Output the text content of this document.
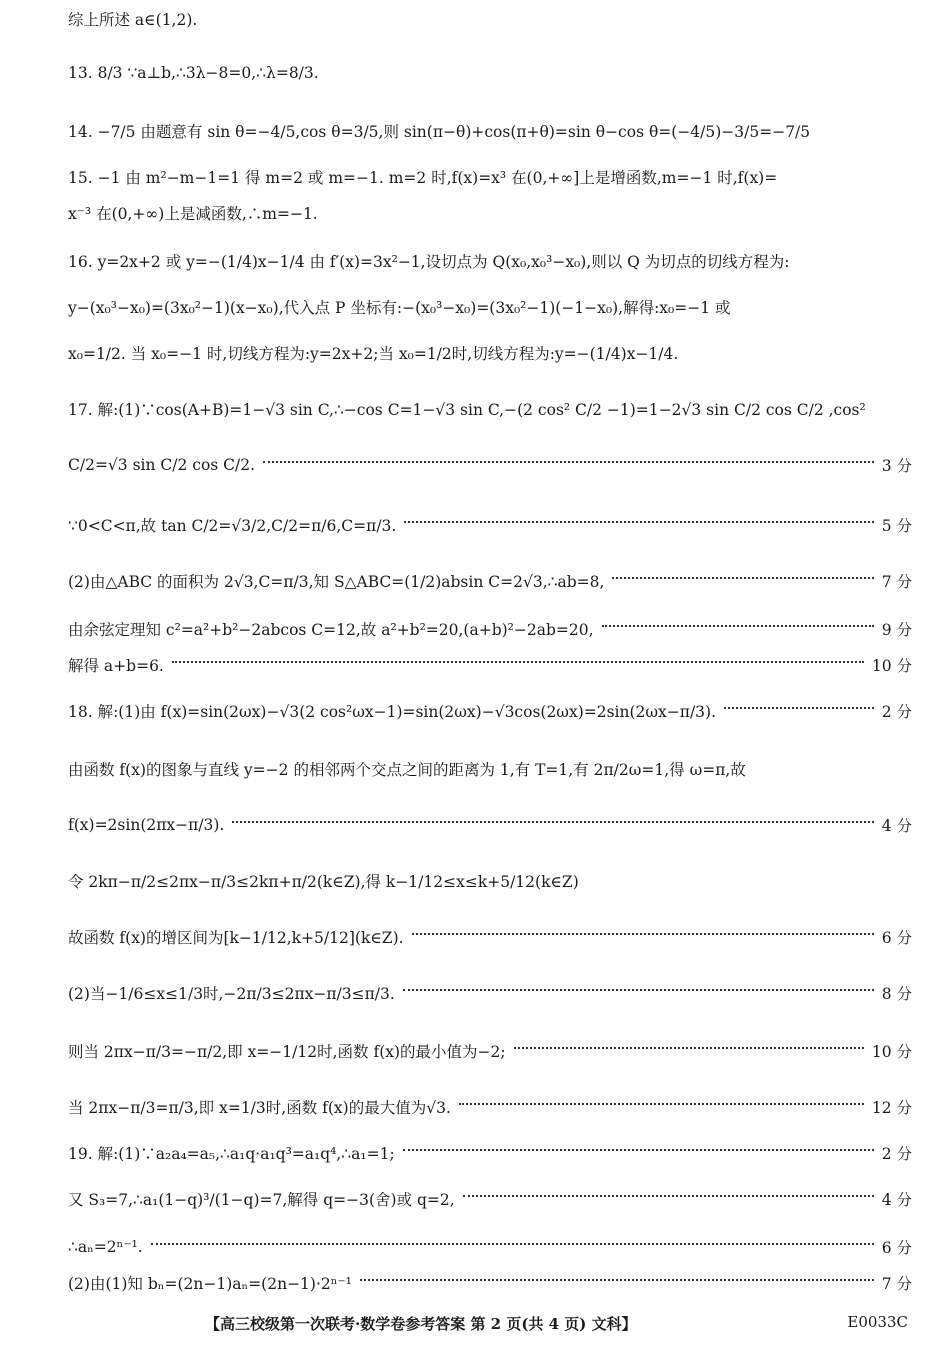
综上所述 a∈(1,2).
13. 8/3 ∵a⊥b,∴3λ−8=0,∴λ=8/3.
14. −7/5 由题意有 sin θ=−4/5,cos θ=3/5,则 sin(π−θ)+cos(π+θ)=sin θ−cos θ=(−4/5)−3/5=−7/5
15. −1 由 m²−m−1=1 得 m=2 或 m=−1. m=2 时,f(x)=x³ 在(0,+∞]上是增函数,m=−1 时,f(x)=
x⁻³ 在(0,+∞)上是减函数,∴m=−1.
16. y=2x+2 或 y=−(1/4)x−1/4 由 f′(x)=3x²−1,设切点为 Q(x₀,x₀³−x₀),则以 Q 为切点的切线方程为:
y−(x₀³−x₀)=(3x₀²−1)(x−x₀),代入点 P 坐标有:−(x₀³−x₀)=(3x₀²−1)(−1−x₀),解得:x₀=−1 或
x₀=1/2. 当 x₀=−1 时,切线方程为:y=2x+2;当 x₀=1/2时,切线方程为:y=−(1/4)x−1/4.
17. 解:(1)∵cos(A+B)=1−√3 sin C,∴−cos C=1−√3 sin C,−(2 cos² C/2 −1)=1−2√3 sin C/2 cos C/2 ,cos²
C/2=√3 sin C/2 cos C/2.	3 分
∵0<C<π,故 tan C/2=√3/2,C/2=π/6,C=π/3.	5 分
(2)由△ABC 的面积为 2√3,C=π/3,知 S△ABC=(1/2)absin C=2√3,∴ab=8,	7 分
由余弦定理知 c²=a²+b²−2abcos C=12,故 a²+b²=20,(a+b)²−2ab=20,	9 分
解得 a+b=6.	10 分
18. 解:(1)由 f(x)=sin(2ωx)−√3(2 cos²ωx−1)=sin(2ωx)−√3cos(2ωx)=2sin(2ωx−π/3).	2 分
由函数 f(x)的图象与直线 y=−2 的相邻两个交点之间的距离为 1,有 T=1,有 2π/2ω=1,得 ω=π,故
f(x)=2sin(2πx−π/3).	4 分
令 2kπ−π/2≤2πx−π/3≤2kπ+π/2(k∈Z),得 k−1/12≤x≤k+5/12(k∈Z)
故函数 f(x)的增区间为[k−1/12,k+5/12](k∈Z).	6 分
(2)当−1/6≤x≤1/3时,−2π/3≤2πx−π/3≤π/3.	8 分
则当 2πx−π/3=−π/2,即 x=−1/12时,函数 f(x)的最小值为−2;	10 分
当 2πx−π/3=π/3,即 x=1/3时,函数 f(x)的最大值为√3.	12 分
19. 解:(1)∵a₂a₄=a₅,∴a₁q·a₁q³=a₁q⁴,∴a₁=1;	2 分
又 S₃=7,∴a₁(1−q)³/(1−q)=7,解得 q=−3(舍)或 q=2,	4 分
∴aₙ=2ⁿ⁻¹.	6 分
(2)由(1)知 bₙ=(2n−1)aₙ=(2n−1)·2ⁿ⁻¹	7 分
【高三校级第一次联考·数学卷参考答案 第 2 页(共 4 页) 文科】	E0033C
